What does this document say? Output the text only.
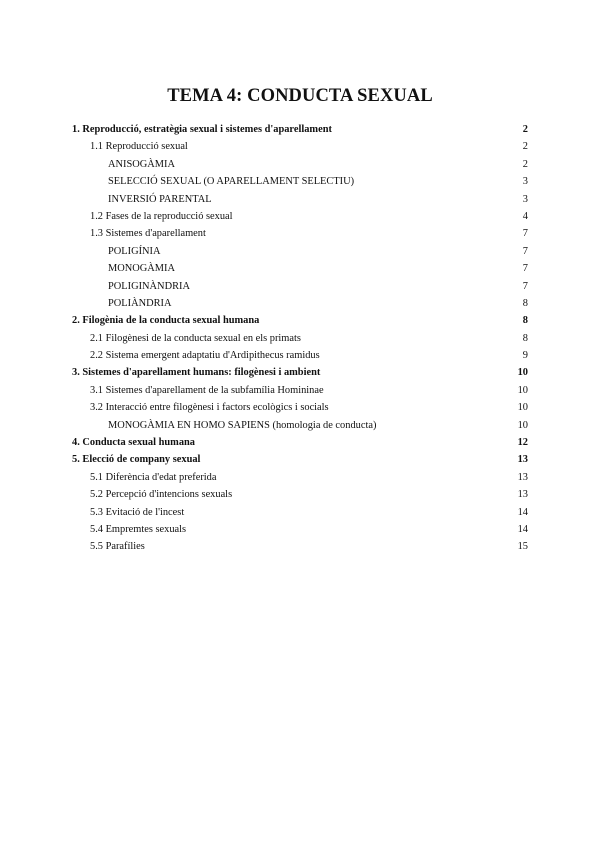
TEMA 4: CONDUCTA SEXUAL
1. Reproducció, estratègia sexual i sistemes d'aparellament	2
1.1 Reproducció sexual	2
ANISOGÀMIA	2
SELECCIÓ SEXUAL (O APARELLAMENT SELECTIU)	3
INVERSIÓ PARENTAL	3
1.2 Fases de la reproducció sexual	4
1.3 Sistemes d'aparellament	7
POLIGÍNIA	7
MONOGÀMIA	7
POLIGINÀNDRIA	7
POLIÀNDRIA	8
2. Filogènia de la conducta sexual humana	8
2.1 Filogènesi de la conducta sexual en els primats	8
2.2 Sistema emergent adaptatiu d'Ardipithecus ramidus	9
3. Sistemes d'aparellament humans: filogènesi i ambient	10
3.1 Sistemes d'aparellament de la subfamília Homininae	10
3.2 Interacció entre filogènesi i factors ecològics i socials	10
MONOGÀMIA EN HOMO SAPIENS (homologia de conducta)	10
4. Conducta sexual humana	12
5. Elecció de company sexual	13
5.1 Diferència d'edat preferida	13
5.2 Percepció d'intencions sexuals	13
5.3 Evitació de l'incest	14
5.4 Empremtes sexuals	14
5.5 Parafílies	15
